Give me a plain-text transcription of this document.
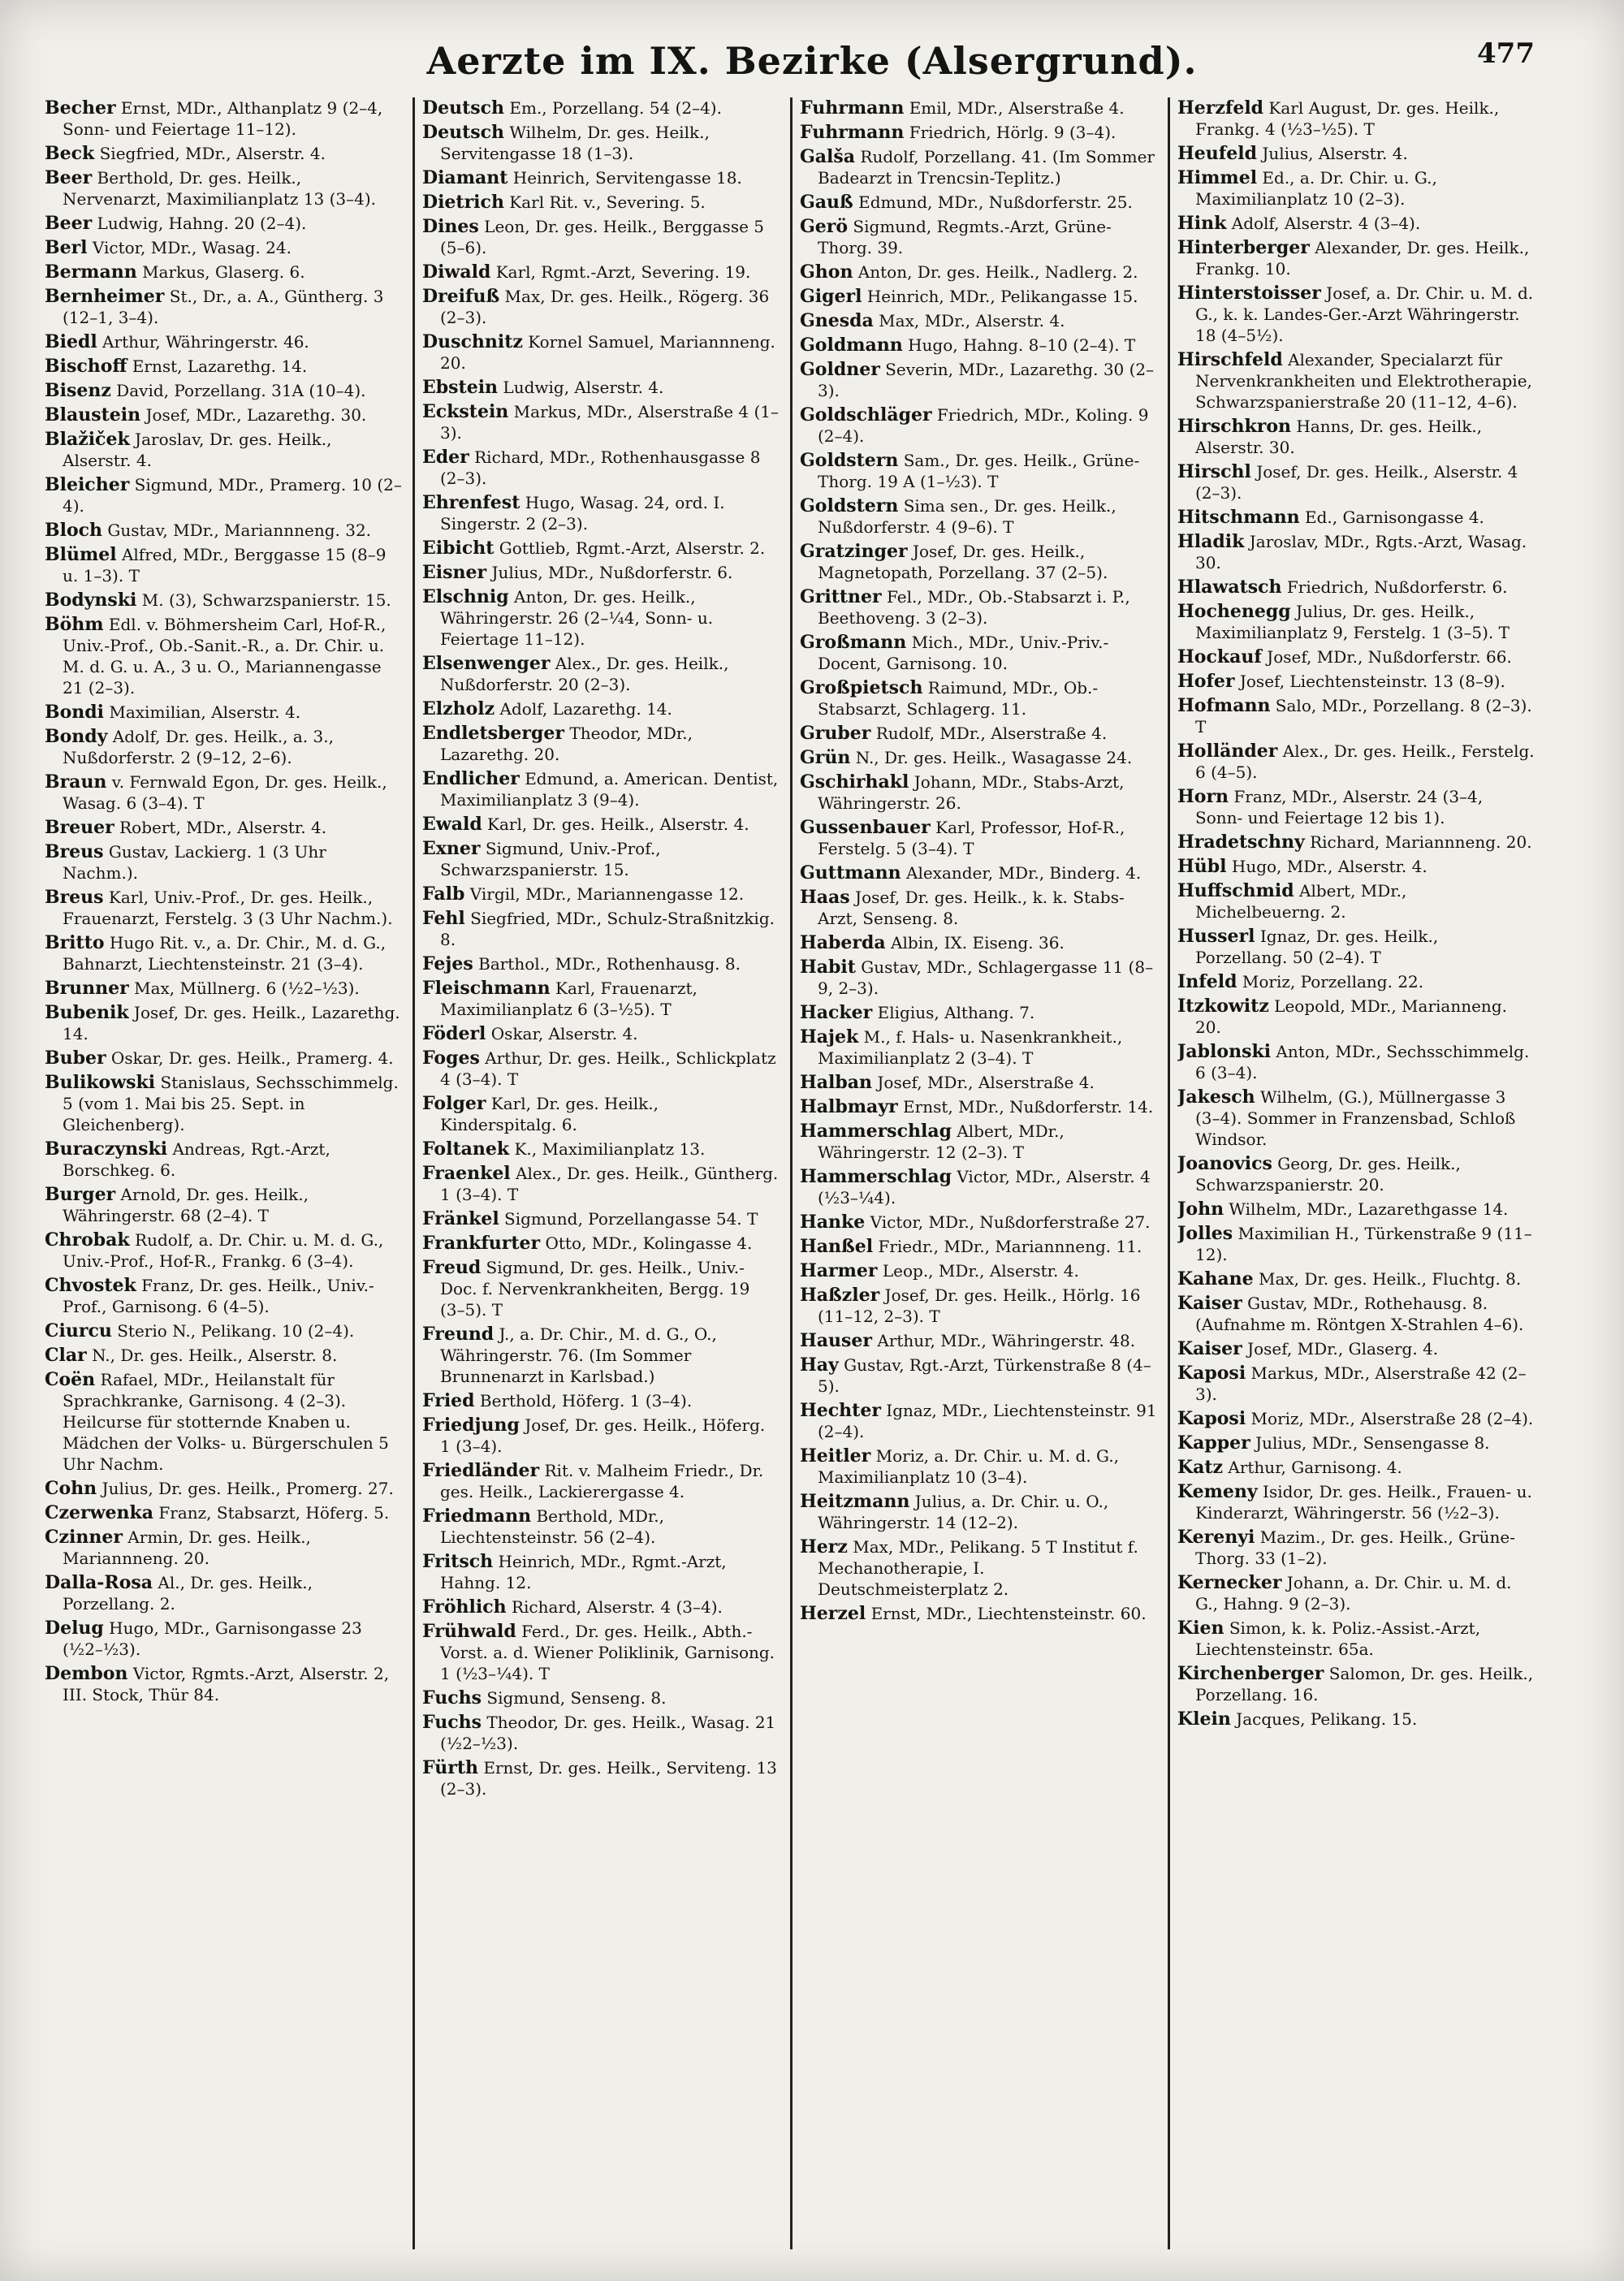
Aerzte im IX. Bezirke (Alsergrund).	477

Becher Ernst, MDr., Althanplatz 9 (2–4, Sonn- und Feiertage 11–12).

Beck Siegfried, MDr., Alserstr. 4.

Beer Berthold, Dr. ges. Heilk., Nervenarzt, Maximilianplatz 13 (3–4).

Beer Ludwig, Hahng. 20 (2–4).

Berl Victor, MDr., Wasag. 24.

Bermann Markus, Glaserg. 6.

Bernheimer St., Dr., a. A., Güntherg. 3 (12–1, 3–4).

Biedl Arthur, Währingerstr. 46.

Bischoff Ernst, Lazarethg. 14.

Bisenz David, Porzellang. 31A (10–4).

Blaustein Josef, MDr., Lazarethg. 30.

Blažiček Jaroslav, Dr. ges. Heilk., Alserstr. 4.

Bleicher Sigmund, MDr., Pramerg. 10 (2–4).

Bloch Gustav, MDr., Mariannneng. 32.

Blümel Alfred, MDr., Berggasse 15 (8–9 u. 1–3). T

Bodynski M. (3), Schwarzspanierstr. 15.

Böhm Edl. v. Böhmersheim Carl, Hof-R., Univ.-Prof., Ob.-Sanit.-R., a. Dr. Chir. u. M. d. G. u. A., 3 u. O., Mariannengasse 21 (2–3).

Bondi Maximilian, Alserstr. 4.

Bondy Adolf, Dr. ges. Heilk., a. 3., Nußdorferstr. 2 (9–12, 2–6).

Braun v. Fernwald Egon, Dr. ges. Heilk., Wasag. 6 (3–4). T

Breuer Robert, MDr., Alserstr. 4.

Breus Gustav, Lackierg. 1 (3 Uhr Nachm.).

Breus Karl, Univ.-Prof., Dr. ges. Heilk., Frauenarzt, Ferstelg. 3 (3 Uhr Nachm.).

Britto Hugo Rit. v., a. Dr. Chir., M. d. G., Bahnarzt, Liechtensteinstr. 21 (3–4).

Brunner Max, Müllnerg. 6 (½2–½3).

Bubenik Josef, Dr. ges. Heilk., Lazarethg. 14.

Buber Oskar, Dr. ges. Heilk., Pramerg. 4.

Bulikowski Stanislaus, Sechsschimmelg. 5 (vom 1. Mai bis 25. Sept. in Gleichenberg).

Buraczynski Andreas, Rgt.-Arzt, Borschkeg. 6.

Burger Arnold, Dr. ges. Heilk., Währingerstr. 68 (2–4). T

Chrobak Rudolf, a. Dr. Chir. u. M. d. G., Univ.-Prof., Hof-R., Frankg. 6 (3–4).

Chvostek Franz, Dr. ges. Heilk., Univ.-Prof., Garnisong. 6 (4–5).

Ciurcu Sterio N., Pelikang. 10 (2–4).

Clar N., Dr. ges. Heilk., Alserstr. 8.

Coën Rafael, MDr., Heilanstalt für Sprachkranke, Garnisong. 4 (2–3). Heilcurse für stotternde Knaben u. Mädchen der Volks- u. Bürgerschulen 5 Uhr Nachm.

Cohn Julius, Dr. ges. Heilk., Promerg. 27.

Czerwenka Franz, Stabsarzt, Höferg. 5.

Czinner Armin, Dr. ges. Heilk., Mariannneng. 20.

Dalla-Rosa Al., Dr. ges. Heilk., Porzellang. 2.

Delug Hugo, MDr., Garnisongasse 23 (½2–½3).

Dembon Victor, Rgmts.-Arzt, Alserstr. 2, III. Stock, Thür 84.

Deutsch Em., Porzellang. 54 (2–4).

Deutsch Wilhelm, Dr. ges. Heilk., Servitengasse 18 (1–3).

Diamant Heinrich, Servitengasse 18.

Dietrich Karl Rit. v., Severing. 5.

Dines Leon, Dr. ges. Heilk., Berggasse 5 (5–6).

Diwald Karl, Rgmt.-Arzt, Severing. 19.

Dreifuß Max, Dr. ges. Heilk., Rögerg. 36 (2–3).

Duschnitz Kornel Samuel, Mariannneng. 20.

Ebstein Ludwig, Alserstr. 4.

Eckstein Markus, MDr., Alserstraße 4 (1–3).

Eder Richard, MDr., Rothenhausgasse 8 (2–3).

Ehrenfest Hugo, Wasag. 24, ord. I. Singerstr. 2 (2–3).

Eibicht Gottlieb, Rgmt.-Arzt, Alserstr. 2.

Eisner Julius, MDr., Nußdorferstr. 6.

Elschnig Anton, Dr. ges. Heilk., Währingerstr. 26 (2–¼4, Sonn- u. Feiertage 11–12).

Elsenwenger Alex., Dr. ges. Heilk., Nußdorferstr. 20 (2–3).

Elzholz Adolf, Lazarethg. 14.

Endletsberger Theodor, MDr., Lazarethg. 20.

Endlicher Edmund, a. American. Dentist, Maximilianplatz 3 (9–4).

Ewald Karl, Dr. ges. Heilk., Alserstr. 4.

Exner Sigmund, Univ.-Prof., Schwarzspanierstr. 15.

Falb Virgil, MDr., Mariannengasse 12.

Fehl Siegfried, MDr., Schulz-Straßnitzkig. 8.

Fejes Barthol., MDr., Rothenhausg. 8.

Fleischmann Karl, Frauenarzt, Maximilianplatz 6 (3–½5). T

Föderl Oskar, Alserstr. 4.

Foges Arthur, Dr. ges. Heilk., Schlickplatz 4 (3–4). T

Folger Karl, Dr. ges. Heilk., Kinderspitalg. 6.

Foltanek K., Maximilianplatz 13.

Fraenkel Alex., Dr. ges. Heilk., Güntherg. 1 (3–4). T

Fränkel Sigmund, Porzellangasse 54. T

Frankfurter Otto, MDr., Kolingasse 4.

Freud Sigmund, Dr. ges. Heilk., Univ.-Doc. f. Nervenkrankheiten, Bergg. 19 (3–5). T

Freund J., a. Dr. Chir., M. d. G., O., Währingerstr. 76. (Im Sommer Brunnenarzt in Karlsbad.)

Fried Berthold, Höferg. 1 (3–4).

Friedjung Josef, Dr. ges. Heilk., Höferg. 1 (3–4).

Friedländer Rit. v. Malheim Friedr., Dr. ges. Heilk., Lackierergasse 4.

Friedmann Berthold, MDr., Liechtensteinstr. 56 (2–4).

Fritsch Heinrich, MDr., Rgmt.-Arzt, Hahng. 12.

Fröhlich Richard, Alserstr. 4 (3–4).

Frühwald Ferd., Dr. ges. Heilk., Abth.-Vorst. a. d. Wiener Poliklinik, Garnisong. 1 (½3–¼4). T

Fuchs Sigmund, Senseng. 8.

Fuchs Theodor, Dr. ges. Heilk., Wasag. 21 (½2–½3).

Fürth Ernst, Dr. ges. Heilk., Serviteng. 13 (2–3).

Fuhrmann Emil, MDr., Alserstraße 4.

Fuhrmann Friedrich, Hörlg. 9 (3–4).

Galša Rudolf, Porzellang. 41. (Im Sommer Badearzt in Trencsin-Teplitz.)

Gauß Edmund, MDr., Nußdorferstr. 25.

Gerö Sigmund, Regmts.-Arzt, Grüne-Thorg. 39.

Ghon Anton, Dr. ges. Heilk., Nadlerg. 2.

Gigerl Heinrich, MDr., Pelikangasse 15.

Gnesda Max, MDr., Alserstr. 4.

Goldmann Hugo, Hahng. 8–10 (2–4). T

Goldner Severin, MDr., Lazarethg. 30 (2–3).

Goldschläger Friedrich, MDr., Koling. 9 (2–4).

Goldstern Sam., Dr. ges. Heilk., Grüne-Thorg. 19 A (1–½3). T

Goldstern Sima sen., Dr. ges. Heilk., Nußdorferstr. 4 (9–6). T

Gratzinger Josef, Dr. ges. Heilk., Magnetopath, Porzellang. 37 (2–5).

Grittner Fel., MDr., Ob.-Stabsarzt i. P., Beethoveng. 3 (2–3).

Großmann Mich., MDr., Univ.-Priv.-Docent, Garnisong. 10.

Großpietsch Raimund, MDr., Ob.-Stabsarzt, Schlagerg. 11.

Gruber Rudolf, MDr., Alserstraße 4.

Grün N., Dr. ges. Heilk., Wasagasse 24.

Gschirhakl Johann, MDr., Stabs-Arzt, Währingerstr. 26.

Gussenbauer Karl, Professor, Hof-R., Ferstelg. 5 (3–4). T

Guttmann Alexander, MDr., Binderg. 4.

Haas Josef, Dr. ges. Heilk., k. k. Stabs-Arzt, Senseng. 8.

Haberda Albin, IX. Eiseng. 36.

Habit Gustav, MDr., Schlagergasse 11 (8–9, 2–3).

Hacker Eligius, Althang. 7.

Hajek M., f. Hals- u. Nasenkrankheit., Maximilianplatz 2 (3–4). T

Halban Josef, MDr., Alserstraße 4.

Halbmayr Ernst, MDr., Nußdorferstr. 14.

Hammerschlag Albert, MDr., Währingerstr. 12 (2–3). T

Hammerschlag Victor, MDr., Alserstr. 4 (½3–¼4).

Hanke Victor, MDr., Nußdorferstraße 27.

Hanßel Friedr., MDr., Mariannneng. 11.

Harmer Leop., MDr., Alserstr. 4.

Haßzler Josef, Dr. ges. Heilk., Hörlg. 16 (11–12, 2–3). T

Hauser Arthur, MDr., Währingerstr. 48.

Hay Gustav, Rgt.-Arzt, Türkenstraße 8 (4–5).

Hechter Ignaz, MDr., Liechtensteinstr. 91 (2–4).

Heitler Moriz, a. Dr. Chir. u. M. d. G., Maximilianplatz 10 (3–4).

Heitzmann Julius, a. Dr. Chir. u. O., Währingerstr. 14 (12–2).

Herz Max, MDr., Pelikang. 5 T Institut f. Mechanotherapie, I. Deutschmeisterplatz 2.

Herzel Ernst, MDr., Liechtensteinstr. 60.

Herzfeld Karl August, Dr. ges. Heilk., Frankg. 4 (½3–½5). T

Heufeld Julius, Alserstr. 4.

Himmel Ed., a. Dr. Chir. u. G., Maximilianplatz 10 (2–3).

Hink Adolf, Alserstr. 4 (3–4).

Hinterberger Alexander, Dr. ges. Heilk., Frankg. 10.

Hinterstoisser Josef, a. Dr. Chir. u. M. d. G., k. k. Landes-Ger.-Arzt Währingerstr. 18 (4–5½).

Hirschfeld Alexander, Specialarzt für Nervenkrankheiten und Elektrotherapie, Schwarzspanierstraße 20 (11–12, 4–6).

Hirschkron Hanns, Dr. ges. Heilk., Alserstr. 30.

Hirschl Josef, Dr. ges. Heilk., Alserstr. 4 (2–3).

Hitschmann Ed., Garnisongasse 4.

Hladik Jaroslav, MDr., Rgts.-Arzt, Wasag. 30.

Hlawatsch Friedrich, Nußdorferstr. 6.

Hochenegg Julius, Dr. ges. Heilk., Maximilianplatz 9, Ferstelg. 1 (3–5). T

Hockauf Josef, MDr., Nußdorferstr. 66.

Hofer Josef, Liechtensteinstr. 13 (8–9).

Hofmann Salo, MDr., Porzellang. 8 (2–3). T

Holländer Alex., Dr. ges. Heilk., Ferstelg. 6 (4–5).

Horn Franz, MDr., Alserstr. 24 (3–4, Sonn- und Feiertage 12 bis 1).

Hradetschny Richard, Mariannneng. 20.

Hübl Hugo, MDr., Alserstr. 4.

Huffschmid Albert, MDr., Michelbeuerng. 2.

Husserl Ignaz, Dr. ges. Heilk., Porzellang. 50 (2–4). T

Infeld Moriz, Porzellang. 22.

Itzkowitz Leopold, MDr., Marianneng. 20.

Jablonski Anton, MDr., Sechsschimmelg. 6 (3–4).

Jakesch Wilhelm, (G.), Müllnergasse 3 (3–4). Sommer in Franzensbad, Schloß Windsor.

Joanovics Georg, Dr. ges. Heilk., Schwarzspanierstr. 20.

John Wilhelm, MDr., Lazarethgasse 14.

Jolles Maximilian H., Türkenstraße 9 (11–12).

Kahane Max, Dr. ges. Heilk., Fluchtg. 8.

Kaiser Gustav, MDr., Rothehausg. 8. (Aufnahme m. Röntgen X-Strahlen 4–6).

Kaiser Josef, MDr., Glaserg. 4.

Kaposi Markus, MDr., Alserstraße 42 (2–3).

Kaposi Moriz, MDr., Alserstraße 28 (2–4).

Kapper Julius, MDr., Sensengasse 8.

Katz Arthur, Garnisong. 4.

Kemeny Isidor, Dr. ges. Heilk., Frauen- u. Kinderarzt, Währingerstr. 56 (½2–3).

Kerenyi Mazim., Dr. ges. Heilk., Grüne-Thorg. 33 (1–2).

Kernecker Johann, a. Dr. Chir. u. M. d. G., Hahng. 9 (2–3).

Kien Simon, k. k. Poliz.-Assist.-Arzt, Liechtensteinstr. 65a.

Kirchenberger Salomon, Dr. ges. Heilk., Porzellang. 16.

Klein Jacques, Pelikang. 15.
